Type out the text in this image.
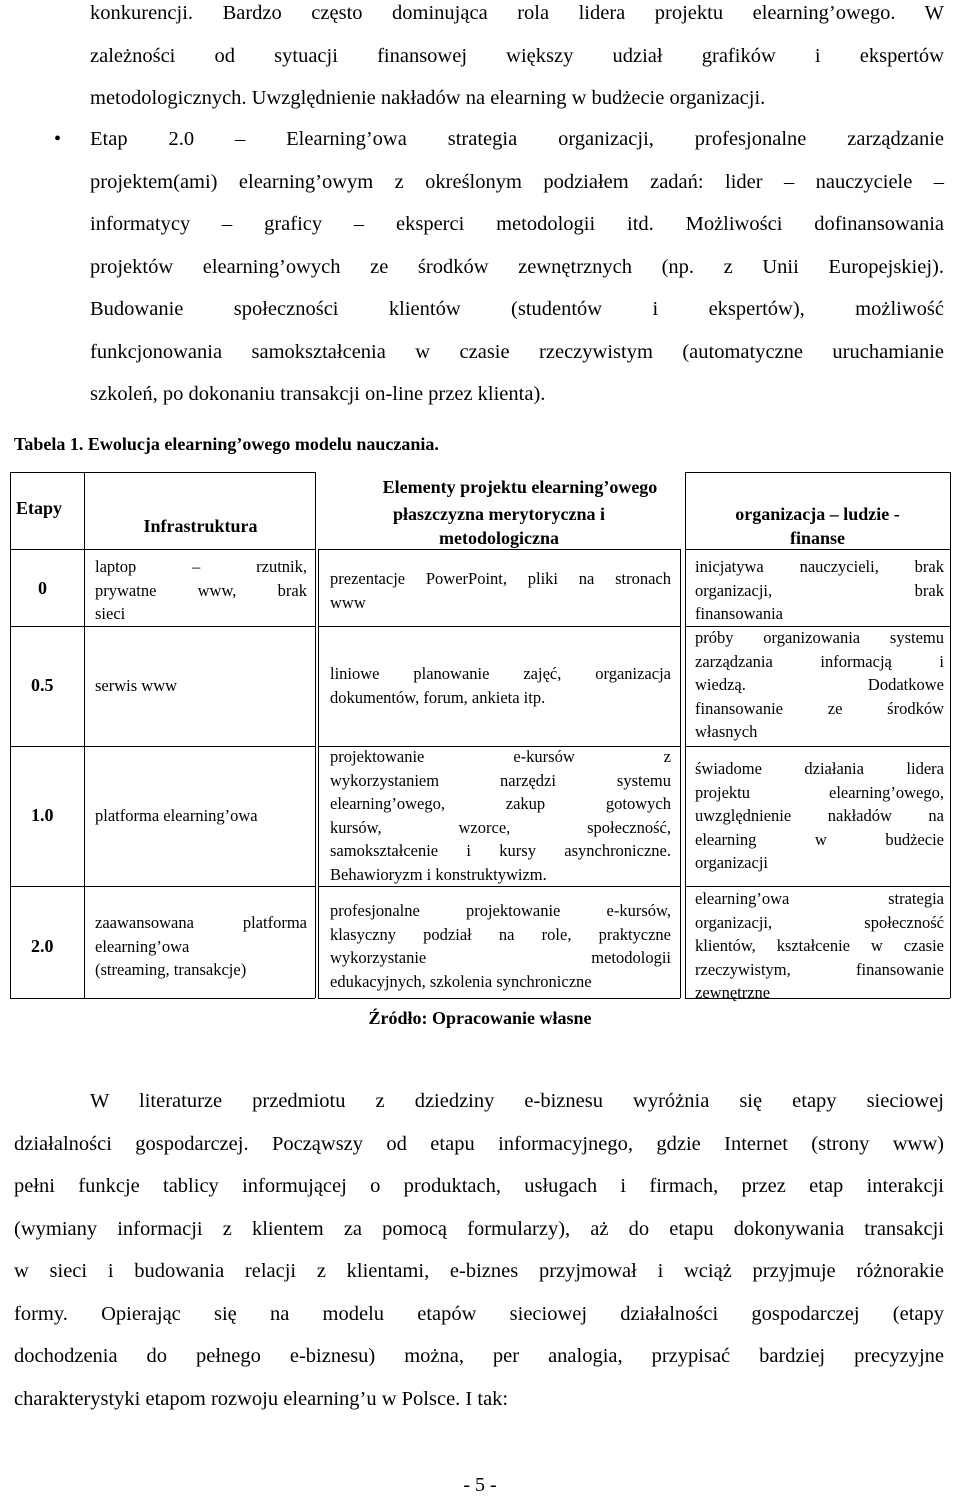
konkurencji. Bardzo często dominująca rola lidera projektu elearning’owego. W
zależności od sytuacji finansowej większy udział grafików i ekspertów
metodologicznych. Uwzględnienie nakładów na elearning w budżecie organizacji.
• Etap 2.0 – Elearning’owa strategia organizacji, profesjonalne zarządzanie
projektem(ami) elearning’owym z określonym podziałem zadań: lider – nauczyciele –
informatycy – graficy – eksperci metodologii itd. Możliwości dofinansowania
projektów elearning’owych ze środków zewnętrznych (np. z Unii Europejskiej).
Budowanie społeczności klientów (studentów i ekspertów), możliwość
funkcjonowania samokształcenia w czasie rzeczywistym (automatyczne uruchamianie
szkoleń, po dokonaniu transakcji on-line przez klienta).
Tabela 1. Ewolucja elearning’owego modelu nauczania.
Etapy
Infrastruktura
Elementy projektu elearning’owego
płaszczyzna merytoryczna i
metodologiczna
organizacja – ludzie -
finanse
0
0.5
1.0
2.0
laptop – rzutnik,
prywatne www, brak
sieci
serwis www
platforma elearning’owa
zaawansowana platforma
elearning’owa
(streaming, transakcje)
prezentacje PowerPoint, pliki na stronach
www
liniowe planowanie zajęć, organizacja
dokumentów, forum, ankieta itp.
projektowanie e-kursów z
wykorzystaniem narzędzi systemu
elearning’owego, zakup gotowych
kursów, wzorce, społeczność,
samokształcenie i kursy asynchroniczne.
Behawioryzm i konstruktywizm.
profesjonalne projektowanie e-kursów,
klasyczny podział na role, praktyczne
wykorzystanie metodologii
edukacyjnych, szkolenia synchroniczne
inicjatywa nauczycieli, brak
organizacji, brak
finansowania
próby organizowania systemu
zarządzania informacją i
wiedzą. Dodatkowe
finansowanie ze środków
własnych
świadome działania lidera
projektu elearning’owego,
uwzględnienie nakładów na
elearning w budżecie
organizacji
elearning’owa strategia
organizacji, społeczność
klientów, kształcenie w czasie
rzeczywistym, finansowanie
zewnętrzne
Źródło: Opracowanie własne
W literaturze przedmiotu z dziedziny e-biznesu wyróżnia się etapy sieciowej
działalności gospodarczej. Począwszy od etapu informacyjnego, gdzie Internet (strony www)
pełni funkcje tablicy informującej o produktach, usługach i firmach, przez etap interakcji
(wymiany informacji z klientem za pomocą formularzy), aż do etapu dokonywania transakcji
w sieci i budowania relacji z klientami, e-biznes przyjmował i wciąż przyjmuje różnorakie
formy. Opierając się na modelu etapów sieciowej działalności gospodarczej (etapy
dochodzenia do pełnego e-biznesu) można, per analogia, przypisać bardziej precyzyjne
charakterystyki etapom rozwoju elearning’u w Polsce. I tak:
- 5 -
